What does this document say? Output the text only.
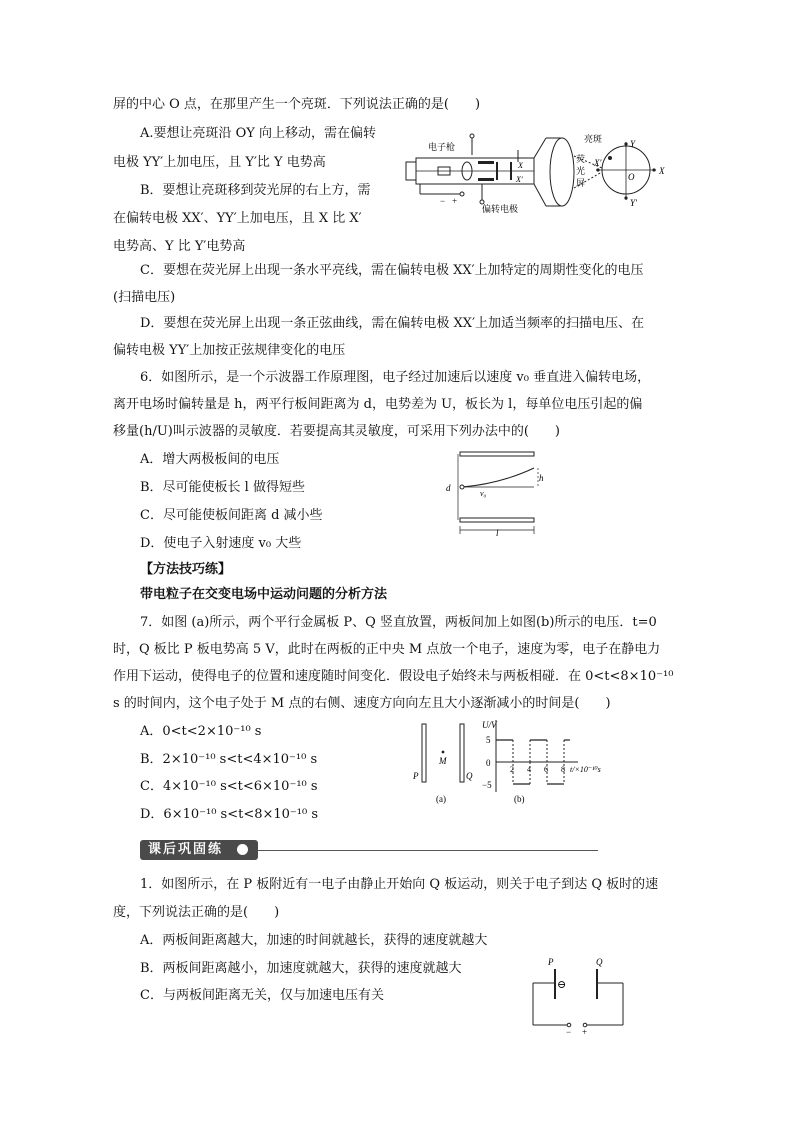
屏的中心 O 点，在那里产生一个亮斑．下列说法正确的是(　　)
A.要想让亮斑沿 OY 向上移动，需在偏转
电极 YY′上加电压，且 Y′比 Y 电势高
B．要想让亮斑移到荧光屏的右上方，需
在偏转电极 XX′、YY′上加电压，且 X 比 X′
电势高、Y 比 Y′电势高
C．要想在荧光屏上出现一条水平亮线，需在偏转电极 XX′上加特定的周期性变化的电压
(扫描电压)
D．要想在荧光屏上出现一条正弦曲线，需在偏转电极 XX′上加适当频率的扫描电压、在
偏转电极 YY′上加按正弦规律变化的电压
电子枪
偏转电极
亮斑
荧
光
屏
Y
Y′
X
X′
O
X
X′
− +
6．如图所示，是一个示波器工作原理图，电子经过加速后以速度 v₀ 垂直进入偏转电场，
离开电场时偏转量是 h，两平行板间距离为 d，电势差为 U，板长为 l，每单位电压引起的偏
移量(h/U)叫示波器的灵敏度．若要提高其灵敏度，可采用下列办法中的(　　)
A．增大两极板间的电压
B．尽可能使板长 l 做得短些
C．尽可能使板间距离 d 减小些
D．使电子入射速度 v₀ 大些
h
d
v₀
l
【方法技巧练】
带电粒子在交变电场中运动问题的分析方法
7．如图 (a)所示，两个平行金属板 P、Q 竖直放置，两板间加上如图(b)所示的电压．t=0
时，Q 板比 P 板电势高 5 V，此时在两板的正中央 M 点放一个电子，速度为零，电子在静电力
作用下运动，使得电子的位置和速度随时间变化．假设电子始终未与两板相碰．在 0<t<8×10⁻¹⁰
s 的时间内，这个电子处于 M 点的右侧、速度方向向左且大小逐渐减小的时间是(　　)
A．0<t<2×10⁻¹⁰ s
B．2×10⁻¹⁰ s<t<4×10⁻¹⁰ s
C．4×10⁻¹⁰ s<t<6×10⁻¹⁰ s
D．6×10⁻¹⁰ s<t<8×10⁻¹⁰ s
P
M
Q
(a)
U/V
5
0
−5
2 4 6 8 t/×10⁻¹⁰s
(b)
课后巩固练
1．如图所示，在 P 板附近有一电子由静止开始向 Q 板运动，则关于电子到达 Q 板时的速
度，下列说法正确的是(　　)
A．两板间距离越大，加速的时间就越长，获得的速度就越大
B．两板间距离越小，加速度就越大，获得的速度就越大
C．与两板间距离无关，仅与加速电压有关
P	Q
⊖
− +
